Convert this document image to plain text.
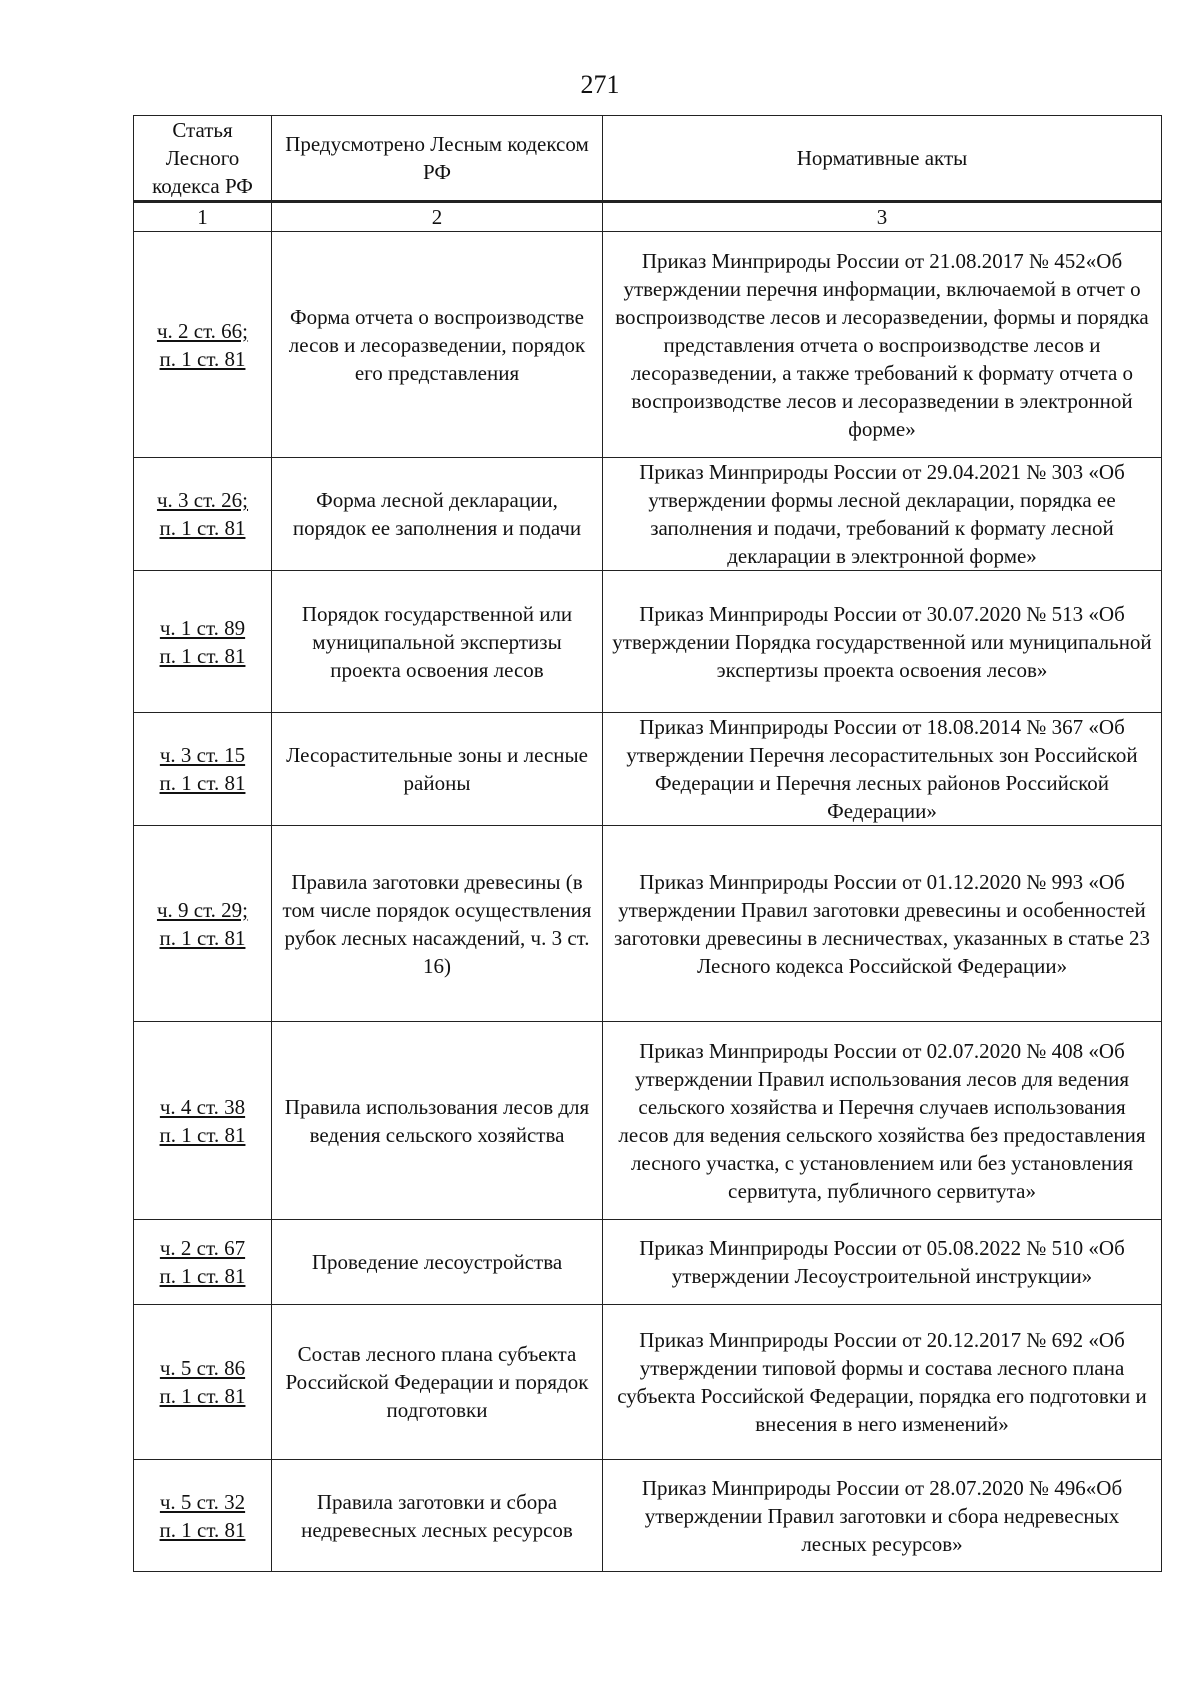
271
Статья Лесного кодекса РФ	Предусмотрено Лесным кодексом РФ	Нормативные акты
1	2	3

ч. 2 ст. 66;
п. 1 ст. 81	Форма отчета о воспроизводстве лесов и лесоразведении, порядок его представления	Приказ Минприроды России от 21.08.2017 № 452«Об утверждении перечня информации, включаемой в отчет о воспроизводстве лесов и лесоразведении, формы и порядка представления отчета о воспроизводстве лесов и лесоразведении, а также требований к формату отчета о воспроизводстве лесов и лесоразведении в электронной форме»

ч. 3 ст. 26;
п. 1 ст. 81	Форма лесной декларации, порядок ее заполнения и подачи	Приказ Минприроды России от 29.04.2021 № 303 «Об утверждении формы лесной декларации, порядка ее заполнения и подачи, требований к формату лесной декларации в электронной форме»

ч. 1 ст. 89
п. 1 ст. 81	Порядок государственной или муниципальной экспертизы проекта освоения лесов	Приказ Минприроды России от 30.07.2020 № 513 «Об утверждении Порядка государственной или муниципальной экспертизы проекта освоения лесов»

ч. 3 ст. 15
п. 1 ст. 81	Лесорастительные зоны и лесные районы	Приказ Минприроды России от 18.08.2014 № 367 «Об утверждении Перечня лесорастительных зон Российской Федерации и Перечня лесных районов Российской Федерации»

ч. 9 ст. 29;
п. 1 ст. 81	Правила заготовки древесины (в том числе порядок осуществления рубок лесных насаждений, ч. 3 ст. 16)	Приказ Минприроды России от 01.12.2020 № 993 «Об утверждении Правил заготовки древесины и особенностей заготовки древесины в лесничествах, указанных в статье 23 Лесного кодекса Российской Федерации»

ч. 4 ст. 38
п. 1 ст. 81	Правила использования лесов для ведения сельского хозяйства	Приказ Минприроды России от 02.07.2020 № 408 «Об утверждении Правил использования лесов для ведения сельского хозяйства и Перечня случаев использования лесов для ведения сельского хозяйства без предоставления лесного участка, с установлением или без установления сервитута, публичного сервитута»

ч. 2 ст. 67
п. 1 ст. 81	Проведение лесоустройства	Приказ Минприроды России от 05.08.2022 № 510 «Об утверждении Лесоустроительной инструкции»

ч. 5 ст. 86
п. 1 ст. 81	Состав лесного плана субъекта Российской Федерации и порядок подготовки	Приказ Минприроды России от 20.12.2017 № 692 «Об утверждении типовой формы и состава лесного плана субъекта Российской Федерации, порядка его подготовки и внесения в него изменений»

ч. 5 ст. 32
п. 1 ст. 81	Правила заготовки и сбора недревесных лесных ресурсов	Приказ Минприроды России от 28.07.2020 № 496«Об утверждении Правил заготовки и сбора недревесных лесных ресурсов»
